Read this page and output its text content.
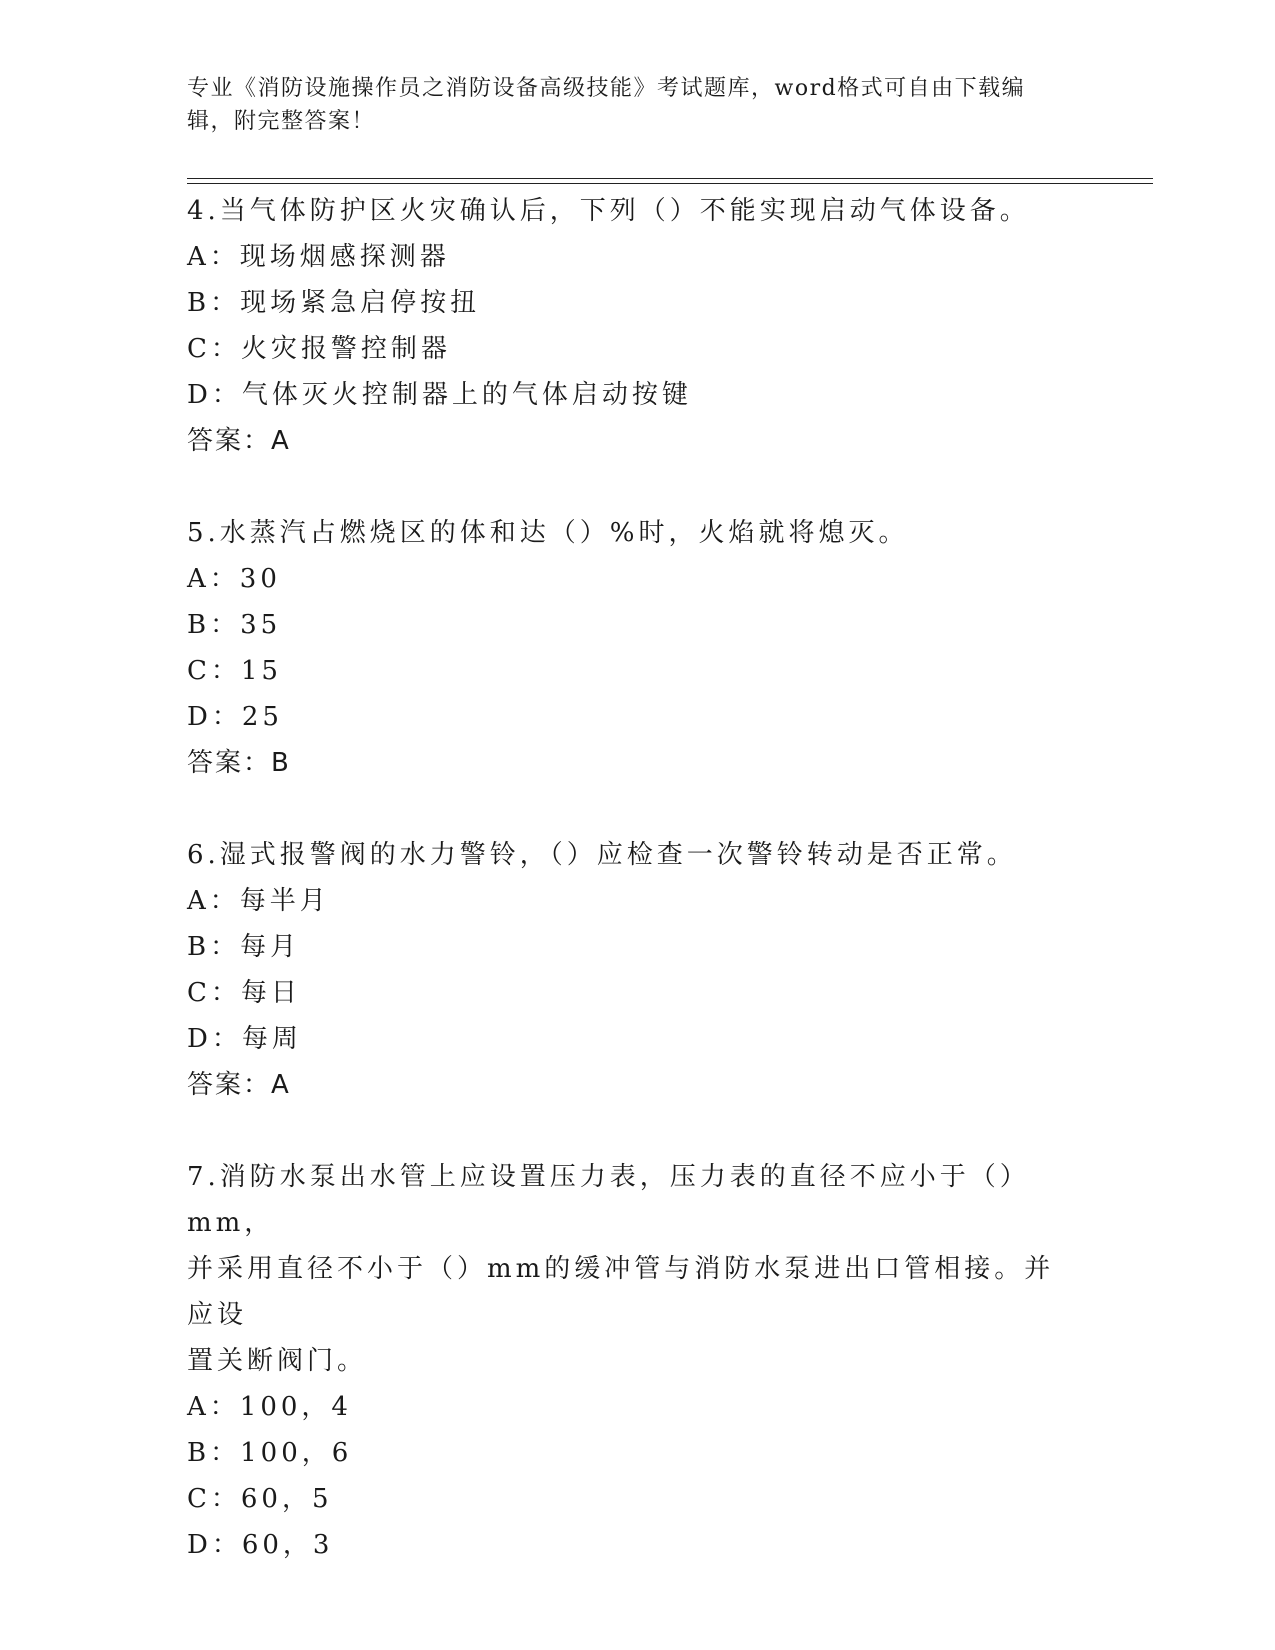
专业《消防设施操作员之消防设备高级技能》考试题库，word格式可自由下载编
辑，附完整答案！
4.当气体防护区火灾确认后，下列（）不能实现启动气体设备。
A：现场烟感探测器
B：现场紧急启停按扭
C：火灾报警控制器
D：气体灭火控制器上的气体启动按键
答案：A
5.水蒸汽占燃烧区的体和达（）%时，火焰就将熄灭。
A：30
B：35
C：15
D：25
答案：B
6.湿式报警阀的水力警铃，（）应检查一次警铃转动是否正常。
A：每半月
B：每月
C：每日
D：每周
答案：A
7.消防水泵出水管上应设置压力表，压力表的直径不应小于（）mm，
并采用直径不小于（）mm的缓冲管与消防水泵进出口管相接。并应设
置关断阀门。
A：100，4
B：100，6
C：60，5
D：60，3
